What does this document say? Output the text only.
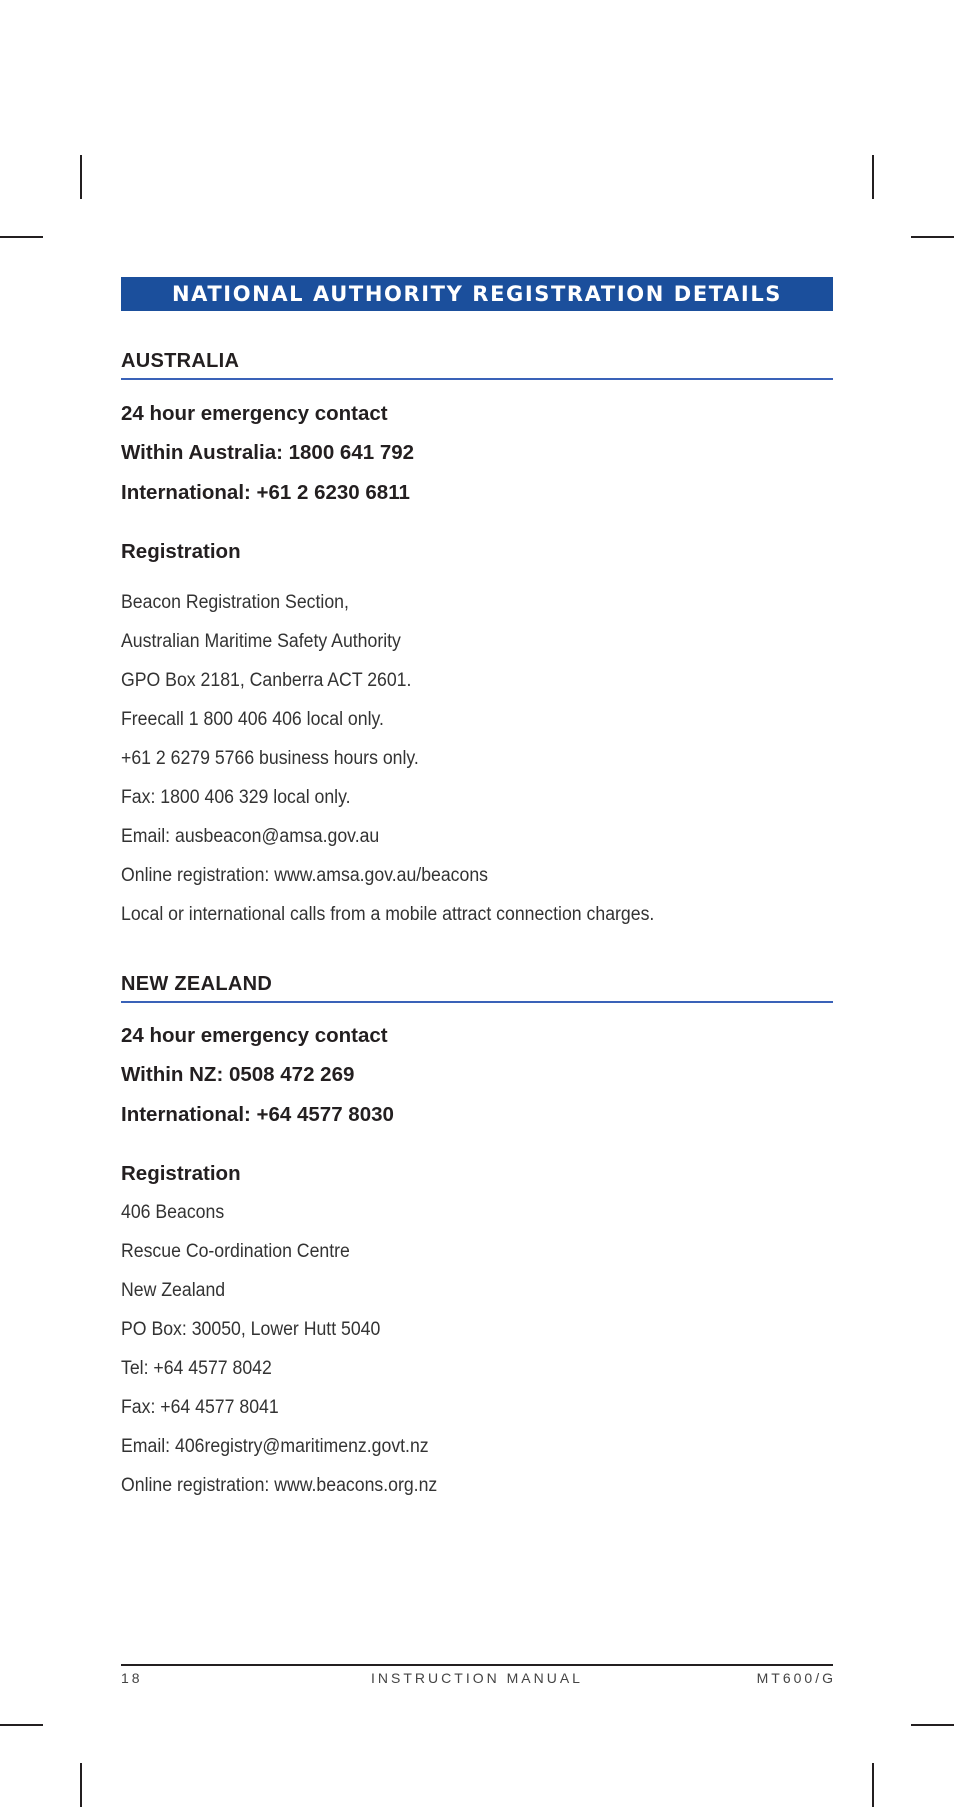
NATIONAL AUTHORITY REGISTRATION DETAILS
AUSTRALIA
24 hour emergency contact
Within Australia: 1800 641 792
International: +61 2 6230 6811
Registration
Beacon Registration Section,
Australian Maritime Safety Authority
GPO Box 2181, Canberra ACT 2601.
Freecall 1 800 406 406 local only.
+61 2 6279 5766 business hours only.
Fax: 1800 406 329 local only.
Email: ausbeacon@amsa.gov.au
Online registration: www.amsa.gov.au/beacons
Local or international calls from a mobile attract connection charges.
NEW ZEALAND
24 hour emergency contact
Within NZ: 0508 472 269
International: +64 4577 8030
Registration
406 Beacons
Rescue Co-ordination Centre
New Zealand
PO Box: 30050, Lower Hutt 5040
Tel: +64 4577 8042
Fax: +64 4577 8041
Email: 406registry@maritimenz.govt.nz
Online registration: www.beacons.org.nz
18	INSTRUCTION MANUAL	MT600/G
